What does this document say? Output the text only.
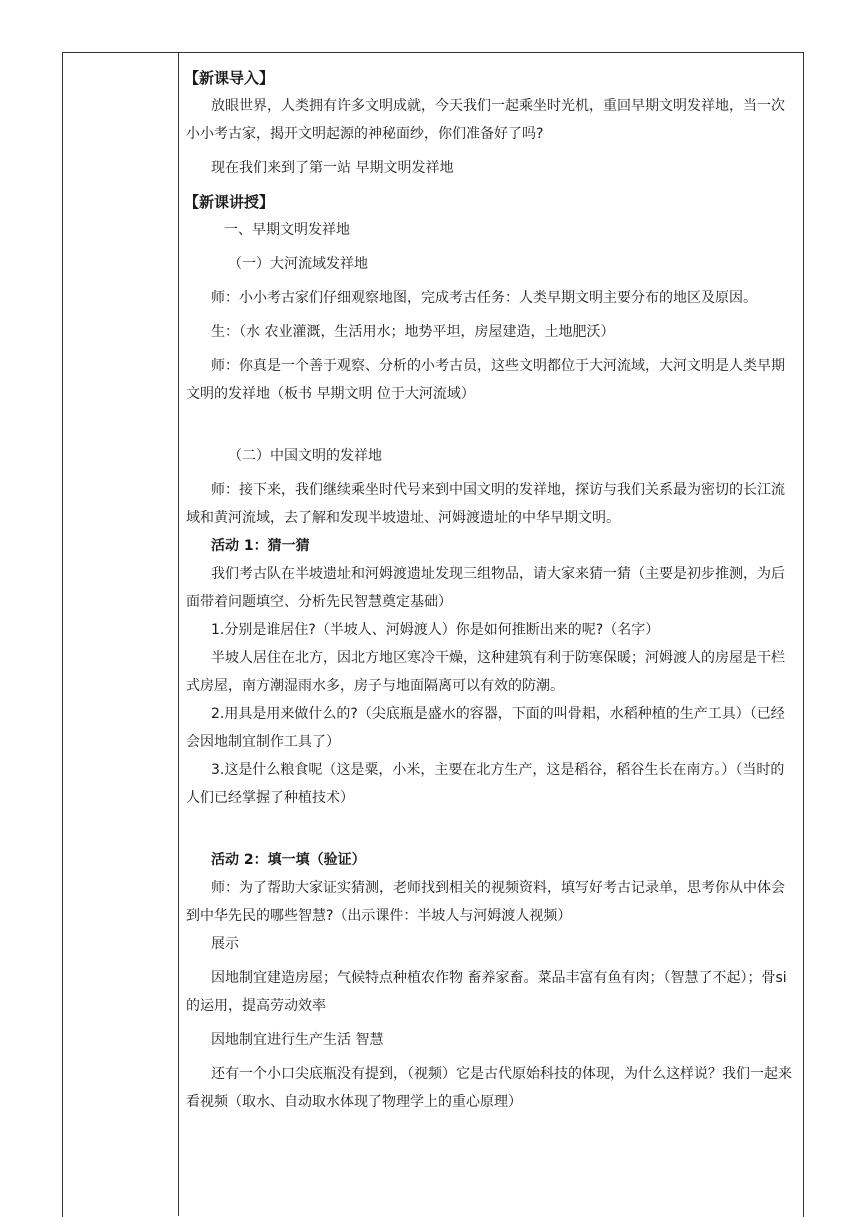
【新课导入】

放眼世界，人类拥有许多文明成就，今天我们一起乘坐时光机，重回早期文明发祥地，当一次小小考古家，揭开文明起源的神秘面纱，你们准备好了吗?

现在我们来到了第一站 早期文明发祥地

【新课讲授】

一、早期文明发祥地

（一）大河流域发祥地

师：小小考古家们仔细观察地图，完成考古任务：人类早期文明主要分布的地区及原因。

生：（水 农业灌溉，生活用水；地势平坦，房屋建造，土地肥沃）

师：你真是一个善于观察、分析的小考古员，这些文明都位于大河流域，大河文明是人类早期文明的发祥地（板书 早期文明 位于大河流域）

（二）中国文明的发祥地

师：接下来，我们继续乘坐时代号来到中国文明的发祥地，探访与我们关系最为密切的长江流域和黄河流域，去了解和发现半坡遗址、河姆渡遗址的中华早期文明。

活动 1：猜一猜

我们考古队在半坡遗址和河姆渡遗址发现三组物品，请大家来猜一猜（主要是初步推测，为后面带着问题填空、分析先民智慧奠定基础）

1.分别是谁居住?（半坡人、河姆渡人）你是如何推断出来的呢?（名字）

半坡人居住在北方，因北方地区寒冷干燥，这种建筑有利于防寒保暖；河姆渡人的房屋是干栏式房屋，南方潮湿雨水多，房子与地面隔离可以有效的防潮。

2.用具是用来做什么的?（尖底瓶是盛水的容器，下面的叫骨耜，水稻种植的生产工具）（已经会因地制宜制作工具了）

3.这是什么粮食呢（这是粟，小米，主要在北方生产，这是稻谷，稻谷生长在南方。）（当时的人们已经掌握了种植技术）

活动 2：填一填（验证）

师：为了帮助大家证实猜测，老师找到相关的视频资料，填写好考古记录单，思考你从中体会到中华先民的哪些智慧?（出示课件：半坡人与河姆渡人视频）

展示

因地制宜建造房屋；气候特点种植农作物 畜养家畜。菜品丰富有鱼有肉；（智慧了不起）；骨si的运用，提高劳动效率

因地制宜进行生产生活 智慧

还有一个小口尖底瓶没有提到，（视频）它是古代原始科技的体现，为什么这样说？我们一起来看视频（取水、自动取水体现了物理学上的重心原理）
